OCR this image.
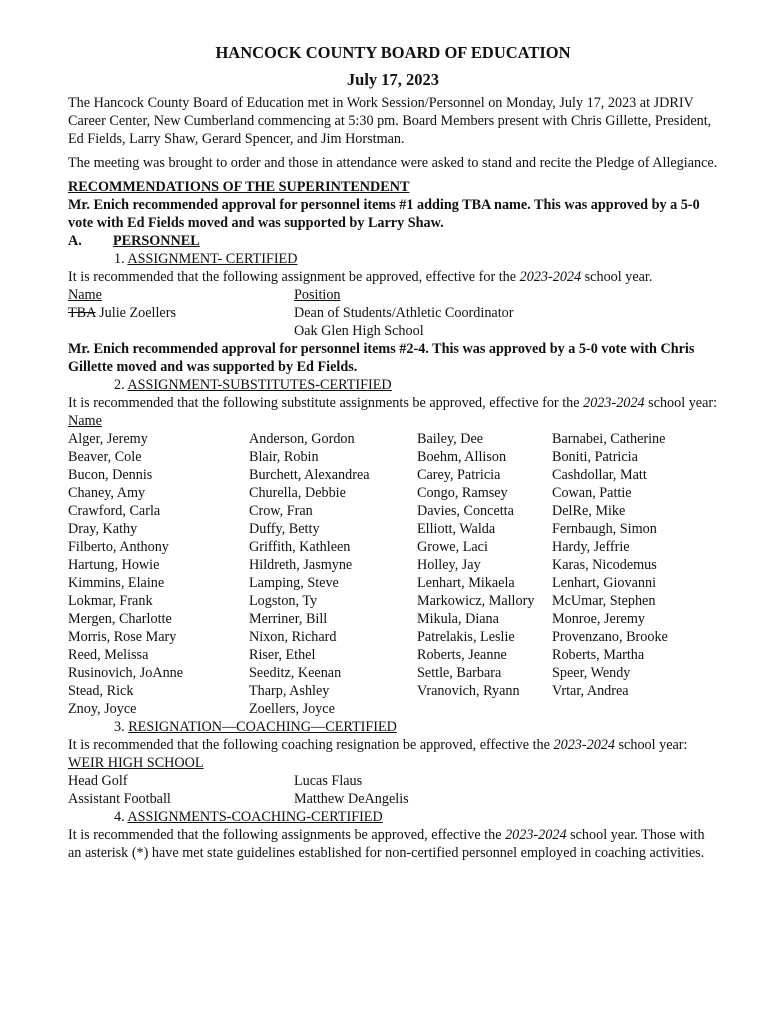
HANCOCK COUNTY BOARD OF EDUCATION
July 17, 2023

The Hancock County Board of Education met in Work Session/Personnel on Monday, July 17, 2023 at JDRIV Career Center, New Cumberland commencing at 5:30 pm. Board Members present with Chris Gillette, President, Ed Fields, Larry Shaw, Gerard Spencer, and Jim Horstman.

The meeting was brought to order and those in attendance were asked to stand and recite the Pledge of Allegiance.

RECOMMENDATIONS OF THE SUPERINTENDENT

Mr. Enich recommended approval for personnel items #1 adding TBA name. This was approved by a 5-0 vote with Ed Fields moved and was supported by Larry Shaw.

A.	PERSONNEL

1. ASSIGNMENT- CERTIFIED

It is recommended that the following assignment be approved, effective for the 2023-2024 school year.

Name	Position
TBA Julie Zoellers	Dean of Students/Athletic Coordinator
Oak Glen High School

Mr. Enich recommended approval for personnel items #2-4. This was approved by a 5-0 vote with Chris Gillette moved and was supported by Ed Fields.

2. ASSIGNMENT-SUBSTITUTES-CERTIFIED

It is recommended that the following substitute assignments be approved, effective for the 2023-2024 school year:

Name

Alger, Jeremy	Anderson, Gordon	Bailey, Dee	Barnabei, Catherine
Beaver, Cole	Blair, Robin	Boehm, Allison	Boniti, Patricia
Bucon, Dennis	Burchett, Alexandrea	Carey, Patricia	Cashdollar, Matt
Chaney, Amy	Churella, Debbie	Congo, Ramsey	Cowan, Pattie
Crawford, Carla	Crow, Fran	Davies, Concetta	DelRe, Mike
Dray, Kathy	Duffy, Betty	Elliott, Walda	Fernbaugh, Simon
Filberto, Anthony	Griffith, Kathleen	Growe, Laci	Hardy, Jeffrie
Hartung, Howie	Hildreth, Jasmyne	Holley, Jay	Karas, Nicodemus
Kimmins, Elaine	Lamping, Steve	Lenhart, Mikaela	Lenhart, Giovanni
Lokmar, Frank	Logston, Ty	Markowicz, Mallory	McUmar, Stephen
Mergen, Charlotte	Merriner, Bill	Mikula, Diana	Monroe, Jeremy
Morris, Rose Mary	Nixon, Richard	Patrelakis, Leslie	Provenzano, Brooke
Reed, Melissa	Riser, Ethel	Roberts, Jeanne	Roberts, Martha
Rusinovich, JoAnne	Seeditz, Keenan	Settle, Barbara	Speer, Wendy
Stead, Rick	Tharp, Ashley	Vranovich, Ryann	Vrtar, Andrea
Znoy, Joyce	Zoellers, Joyce

3. RESIGNATION—COACHING—CERTIFIED

It is recommended that the following coaching resignation be approved, effective the 2023-2024 school year:

WEIR HIGH SCHOOL

Head Golf	Lucas Flaus
Assistant Football	Matthew DeAngelis

4. ASSIGNMENTS-COACHING-CERTIFIED

It is recommended that the following assignments be approved, effective the 2023-2024 school year. Those with an asterisk (*) have met state guidelines established for non-certified personnel employed in coaching activities.
